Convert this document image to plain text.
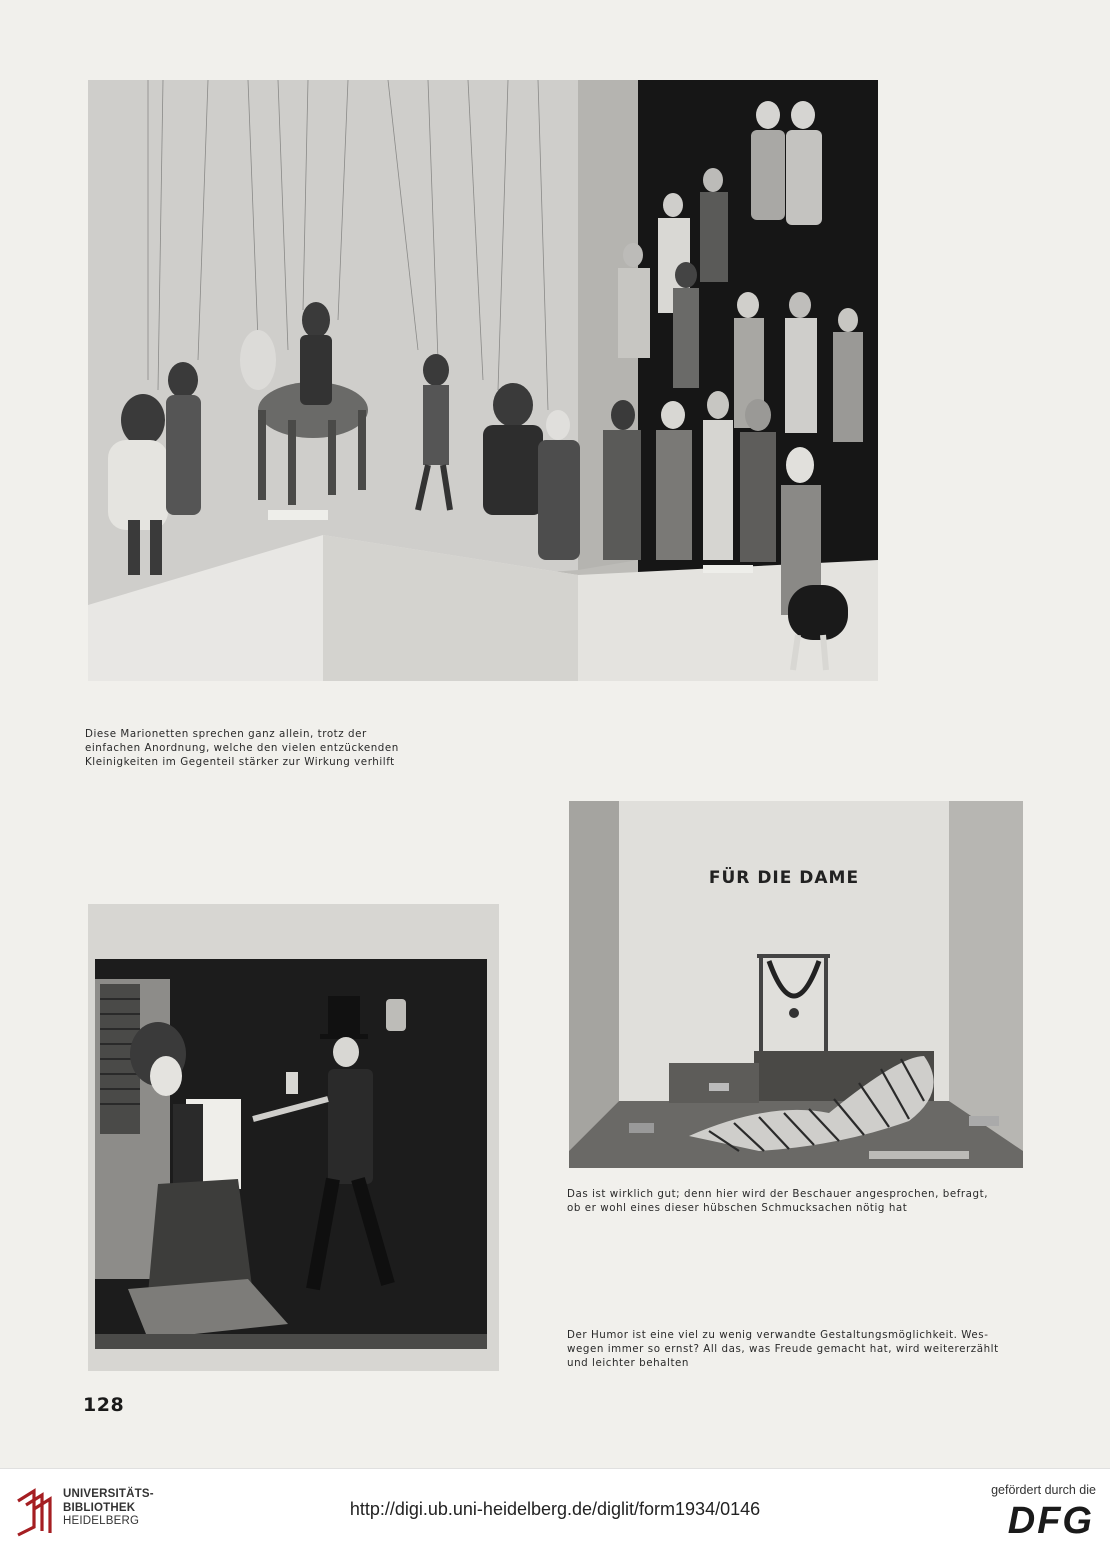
Diese Marionetten sprechen ganz allein, trotz der
einfachen Anordnung, welche den vielen entzückenden
Kleinigkeiten im Gegenteil stärker zur Wirkung verhilft
FÜR DIE DAME
Das ist wirklich gut; denn hier wird der Beschauer angesprochen, befragt,
ob er wohl eines dieser hübschen Schmucksachen nötig hat
Der Humor ist eine viel zu wenig verwandte Gestaltungsmöglichkeit. Wes-
wegen immer so ernst? All das, was Freude gemacht hat, wird weitererzählt
und leichter behalten
128
UNIVERSITÄTS-
BIBLIOTHEK
HEIDELBERG
http://digi.ub.uni-heidelberg.de/diglit/form1934/0146
gefördert durch die
DFG
